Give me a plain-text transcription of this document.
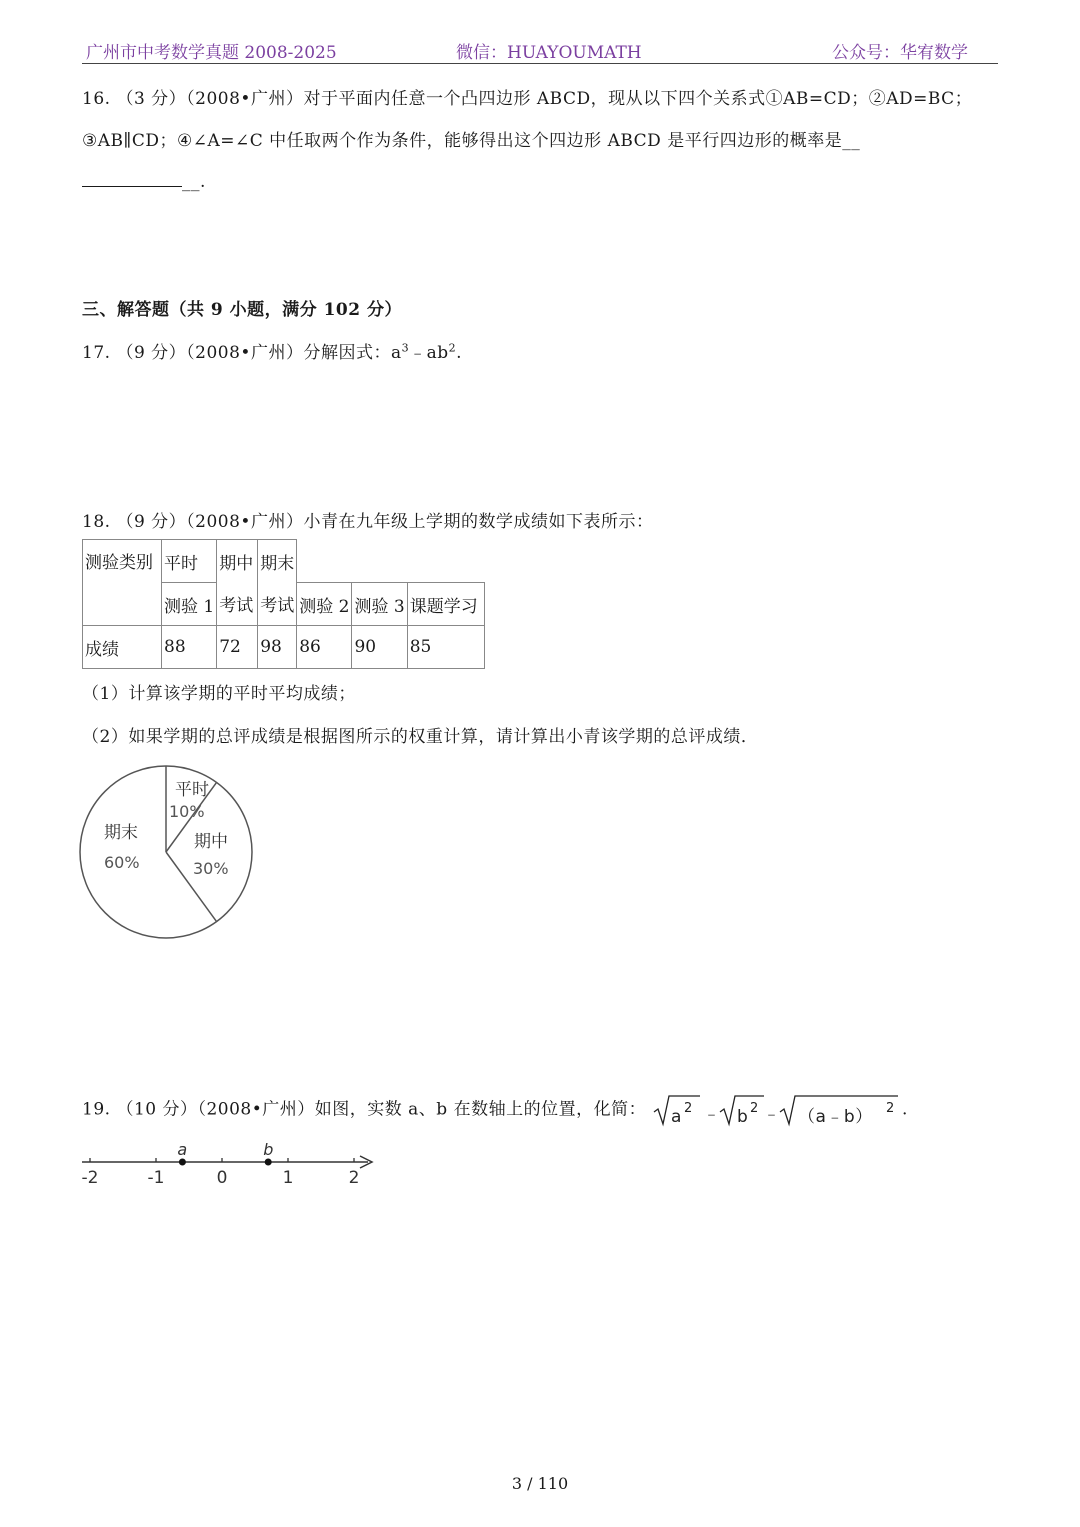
广州市中考数学真题 2008-2025	微信：HUAYOUMATH	公众号：华宥数学
16. （3 分）（2008•广州）对于平面内任意一个凸四边形 ABCD，现从以下四个关系式①AB=CD；②AD=BC；
③AB∥CD；④∠A=∠C 中任取两个作为条件，能够得出这个四边形 ABCD 是平行四边形的概率是__
__.
三、解答题（共 9 小题，满分 102 分）
17. （9 分）（2008•广州）分解因式：$a^3﹣ab^2$.
18. （9 分）（2008•广州）小青在九年级上学期的数学成绩如下表所示：
测验类别	平时	期中	期末			
	测验 1	考试	考试	测验 2	测验 3	课题学习
成绩	88	72	98	86	90	85
（1）计算该学期的平时平均成绩；
（2）如果学期的总评成绩是根据图所示的权重计算，请计算出小青该学期的总评成绩．
平时
10%
期中
30%
期末
60%
19. （10 分）（2008•广州）如图，实数 a、b 在数轴上的位置，化简： a 2 ﹣ b 2 ﹣ （a﹣b） 2 .
-2	-1	0	1	2
a	b
3 / 110
